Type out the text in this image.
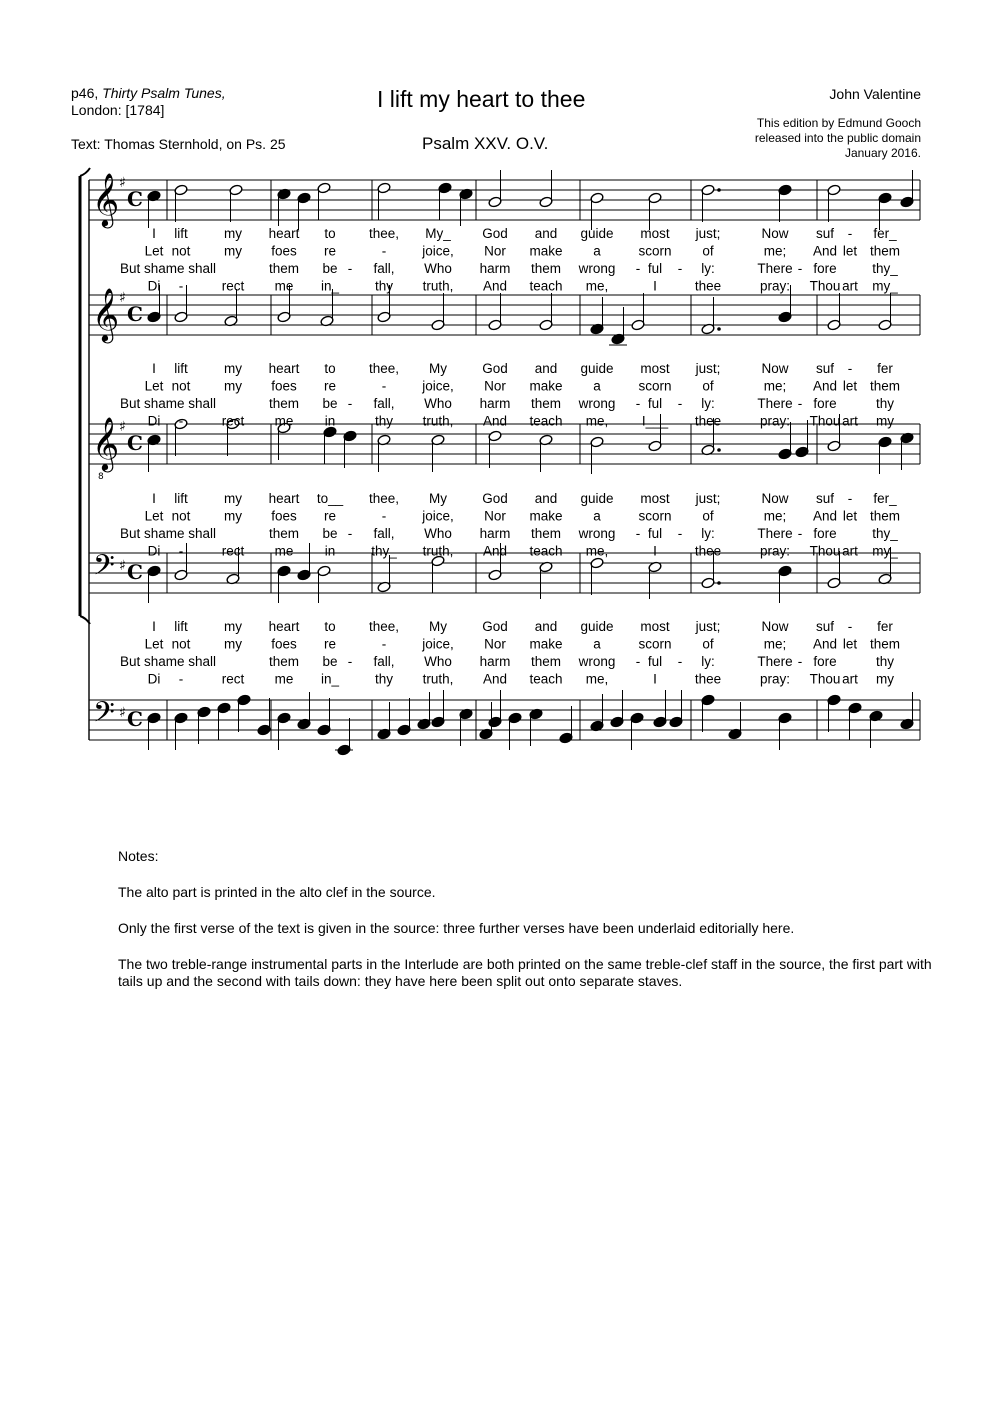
p46, Thirty Psalm Tunes,
London: [1784]
Text: Thomas Sternhold, on Ps. 25
I lift my heart to thee
Psalm XXV. O.V.
John Valentine
This edition by Edmund Gooch
released into the public domain
January 2016.
𝄞 ♯
C
𝄞 ♯
C
𝄞
8
♯
C
𝄢 ♯ C
𝄢 ♯ C
I lift	my heart to thee, My_ God and guide most just;	Now suf - fer_
Let not my foes re	-	joice, Nor make a	scorn of	me; And let them
But shame shall	them be - fall, Who harm them wrong - ful - ly:	There - fore	thy_
Di -	rect me in_	thy truth, And teach me,	I	thee	pray: Thou art my_
I lift	my heart to thee, My	God and guide most just;	Now suf - fer
Let not my foes re	-	joice, Nor make a	scorn of	me; And let them
But shame shall	them be - fall, Who harm them wrong - ful - ly:	There - fore	thy
Di -	rect me in	thy truth, And teach me, I___ thee	pray: Thou art my
I lift	my heart to__ thee, My	God and guide most just;	Now suf - fer_
Let not my foes re	-	joice, Nor make a	scorn of	me; And let them
But shame shall	them be - fall, Who harm them wrong - ful - ly:	There - fore	thy_
Di -	rect me in	thy_ truth, And teach me,	I	thee	pray: Thou art my_
I lift	my heart to thee, My	God and guide most just;	Now suf - fer
Let not my foes re	-	joice, Nor make a	scorn of	me; And let them
But shame shall	them be - fall, Who harm them wrong - ful - ly:	There - fore	thy
Di -	rect me in_	thy truth, And teach me,	I	thee	pray: Thou art my

Notes:

The alto part is printed in the alto clef in the source.

Only the first verse of the text is given in the source: three further verses have been underlaid editorially here.

The two treble-range instrumental parts in the Interlude are both printed on the same treble-clef staff in the source, the first part with tails up and the second with tails down: they have here been split out onto separate staves.
